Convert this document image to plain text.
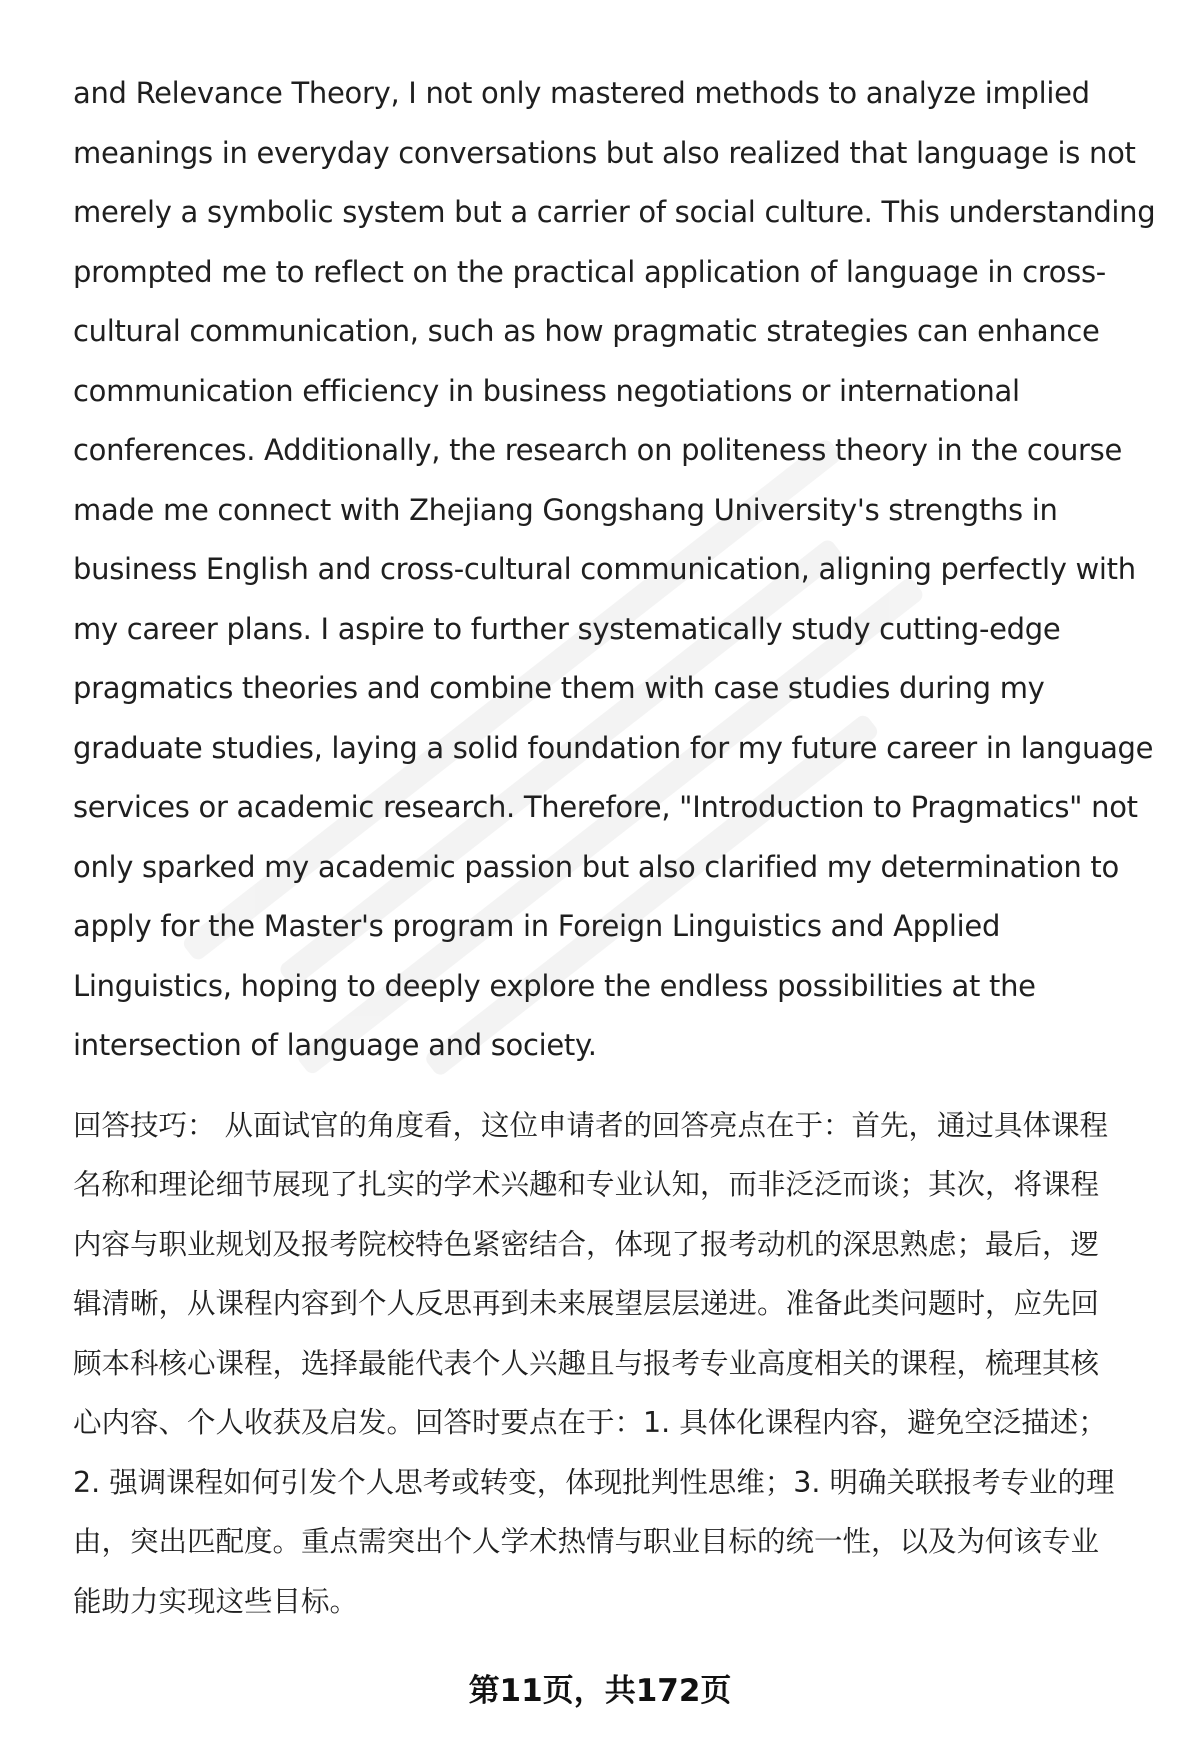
and Relevance Theory, I not only mastered methods to analyze implied

meanings in everyday conversations but also realized that language is not

merely a symbolic system but a carrier of social culture. This understanding

prompted me to reflect on the practical application of language in cross-

cultural communication, such as how pragmatic strategies can enhance

communication efficiency in business negotiations or international

conferences. Additionally, the research on politeness theory in the course

made me connect with Zhejiang Gongshang University's strengths in

business English and cross-cultural communication, aligning perfectly with

my career plans. I aspire to further systematically study cutting-edge

pragmatics theories and combine them with case studies during my

graduate studies, laying a solid foundation for my future career in language

services or academic research. Therefore, "Introduction to Pragmatics" not

only sparked my academic passion but also clarified my determination to

apply for the Master's program in Foreign Linguistics and Applied

Linguistics, hoping to deeply explore the endless possibilities at the

intersection of language and society.

回答技巧： 从面试官的角度看，这位申请者的回答亮点在于：首先，通过具体课程

名称和理论细节展现了扎实的学术兴趣和专业认知，而非泛泛而谈；其次，将课程

内容与职业规划及报考院校特色紧密结合，体现了报考动机的深思熟虑；最后，逻

辑清晰，从课程内容到个人反思再到未来展望层层递进。准备此类问题时，应先回

顾本科核心课程，选择最能代表个人兴趣且与报考专业高度相关的课程，梳理其核

心内容、个人收获及启发。回答时要点在于：1. 具体化课程内容，避免空泛描述；

2. 强调课程如何引发个人思考或转变，体现批判性思维；3. 明确关联报考专业的理

由，突出匹配度。重点需突出个人学术热情与职业目标的统一性，以及为何该专业

能助力实现这些目标。

第11页，共172页
